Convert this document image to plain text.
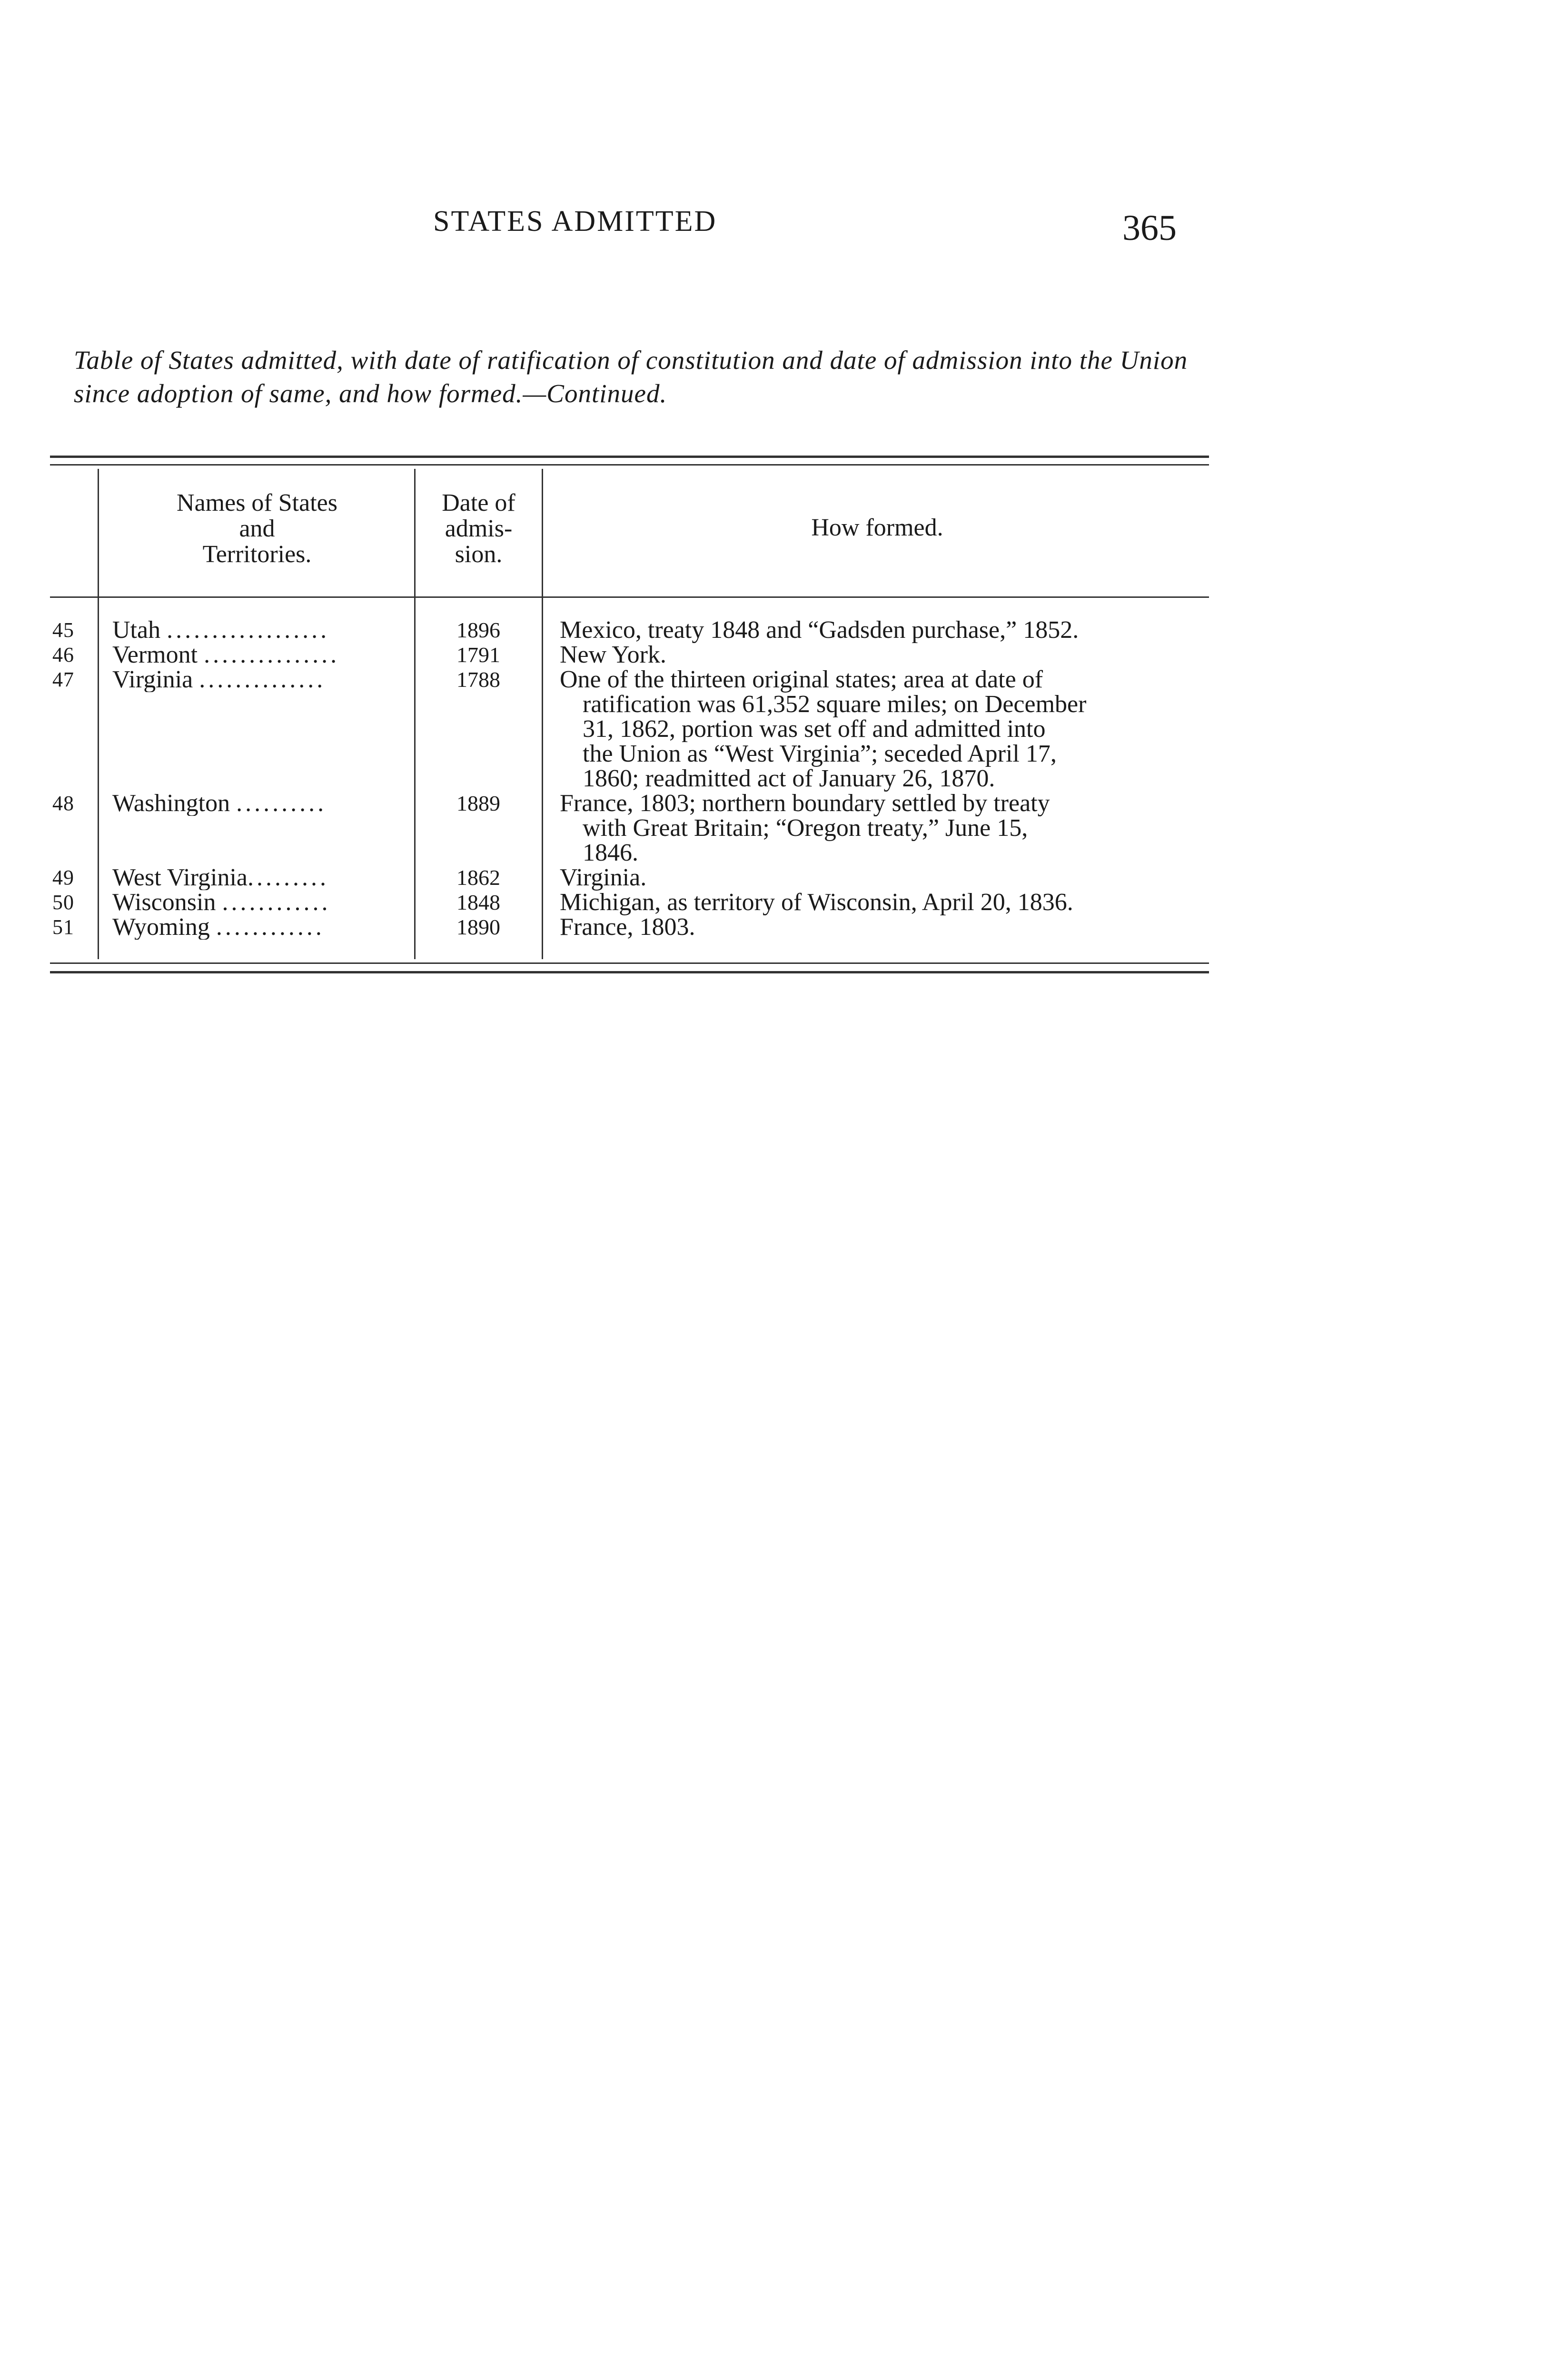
STATES ADMITTED	365
Table of States admitted, with date of ratification of constitution and date of admission into the Union since adoption of same, and how formed.—Continued.
Names of States
and
Territories.
Date of
admis-
sion.
How formed.
45 Utah ..................	1896	Mexico, treaty 1848 and “Gadsden purchase,” 1852.
46 Vermont ...............	1791	New York.
47 Virginia ..............	1788	One of the thirteen original states; area at date of
ratification was 61,352 square miles; on December
31, 1862, portion was set off and admitted into
the Union as “West Virginia”; seceded April 17,
1860; readmitted act of January 26, 1870.
48 Washington ..........	1889	France, 1803; northern boundary settled by treaty
with Great Britain; “Oregon treaty,” June 15,
1846.
49 West Virginia.........	1862	Virginia.
50 Wisconsin ............	1848	Michigan, as territory of Wisconsin, April 20, 1836.
51 Wyoming ............	1890	France, 1803.
